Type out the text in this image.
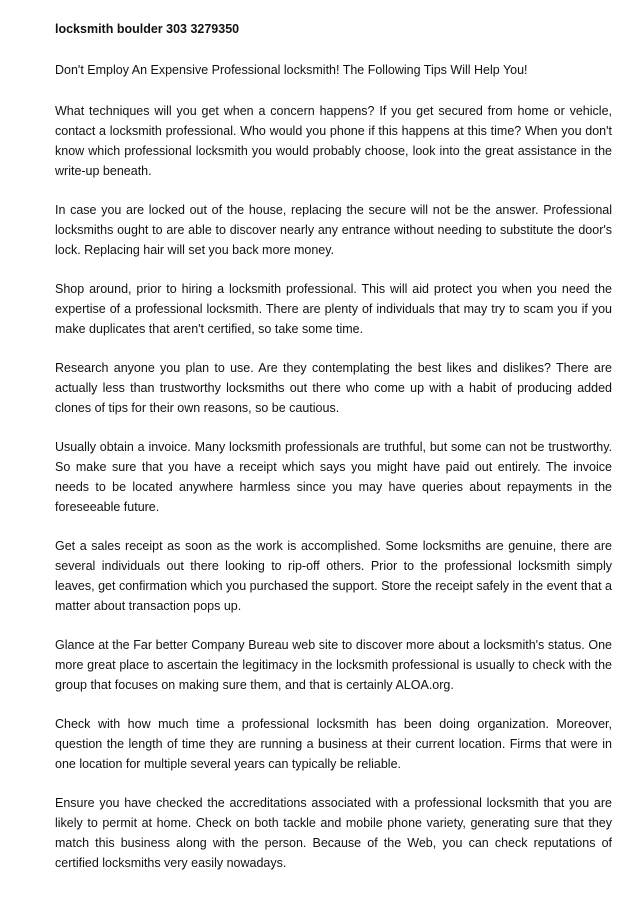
locksmith boulder 303 3279350
Don't Employ An Expensive Professional locksmith! The Following Tips Will Help You!

What techniques will you get when a concern happens? If you get secured from home or vehicle, contact a locksmith professional. Who would you phone if this happens at this time? When you don't know which professional locksmith you would probably choose, look into the great assistance in the write-up beneath.

In case you are locked out of the house, replacing the secure will not be the answer. Professional locksmiths ought to are able to discover nearly any entrance without needing to substitute the door's lock. Replacing hair will set you back more money.

Shop around, prior to hiring a locksmith professional. This will aid protect you when you need the expertise of a professional locksmith. There are plenty of individuals that may try to scam you if you make duplicates that aren't certified, so take some time.

Research anyone you plan to use. Are they contemplating the best likes and dislikes? There are actually less than trustworthy locksmiths out there who come up with a habit of producing added clones of tips for their own reasons, so be cautious.

Usually obtain a invoice. Many locksmith professionals are truthful, but some can not be trustworthy. So make sure that you have a receipt which says you might have paid out entirely. The invoice needs to be located anywhere harmless since you may have queries about repayments in the foreseeable future.

Get a sales receipt as soon as the work is accomplished. Some locksmiths are genuine, there are several individuals out there looking to rip-off others. Prior to the professional locksmith simply leaves, get confirmation which you purchased the support. Store the receipt safely in the event that a matter about transaction pops up.

Glance at the Far better Company Bureau web site to discover more about a locksmith's status. One more great place to ascertain the legitimacy in the locksmith professional is usually to check with the group that focuses on making sure them, and that is certainly ALOA.org.

Check with how much time a professional locksmith has been doing organization. Moreover, question the length of time they are running a business at their current location. Firms that were in one location for multiple several years can typically be reliable.

Ensure you have checked the accreditations associated with a professional locksmith that you are likely to permit at home. Check on both tackle and mobile phone variety, generating sure that they match this business along with the person. Because of the Web, you can check reputations of certified locksmiths very easily nowadays.
